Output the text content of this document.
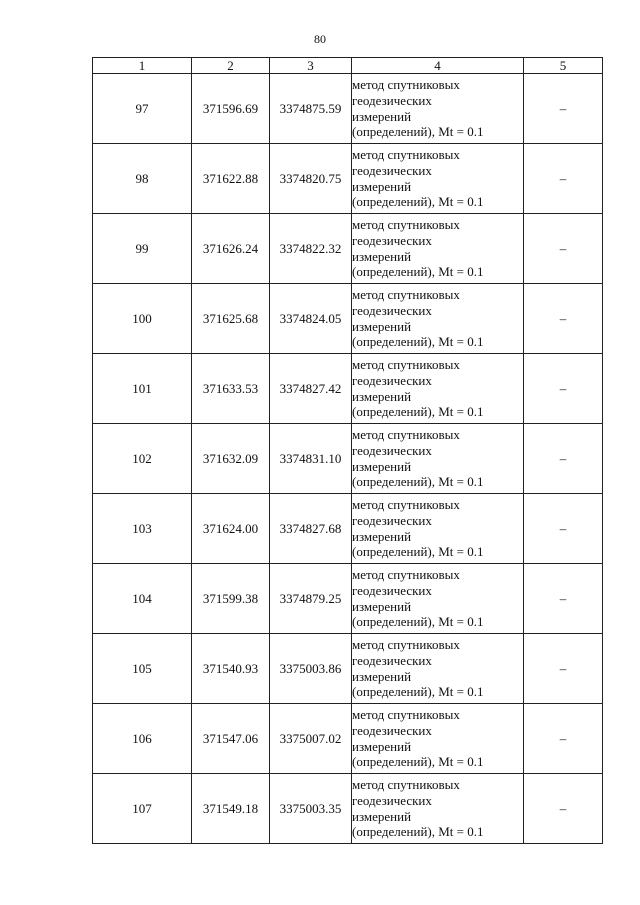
80
1	2	3	4	5
97	371596.69	3374875.59	метод спутниковых
геодезических
измерений
(определений), Mt = 0.1	–
98	371622.88	3374820.75	метод спутниковых
геодезических
измерений
(определений), Mt = 0.1	–
99	371626.24	3374822.32	метод спутниковых
геодезических
измерений
(определений), Mt = 0.1	–
100	371625.68	3374824.05	метод спутниковых
геодезических
измерений
(определений), Mt = 0.1	–
101	371633.53	3374827.42	метод спутниковых
геодезических
измерений
(определений), Mt = 0.1	–
102	371632.09	3374831.10	метод спутниковых
геодезических
измерений
(определений), Mt = 0.1	–
103	371624.00	3374827.68	метод спутниковых
геодезических
измерений
(определений), Mt = 0.1	–
104	371599.38	3374879.25	метод спутниковых
геодезических
измерений
(определений), Mt = 0.1	–
105	371540.93	3375003.86	метод спутниковых
геодезических
измерений
(определений), Mt = 0.1	–
106	371547.06	3375007.02	метод спутниковых
геодезических
измерений
(определений), Mt = 0.1	–
107	371549.18	3375003.35	метод спутниковых
геодезических
измерений
(определений), Mt = 0.1	–
